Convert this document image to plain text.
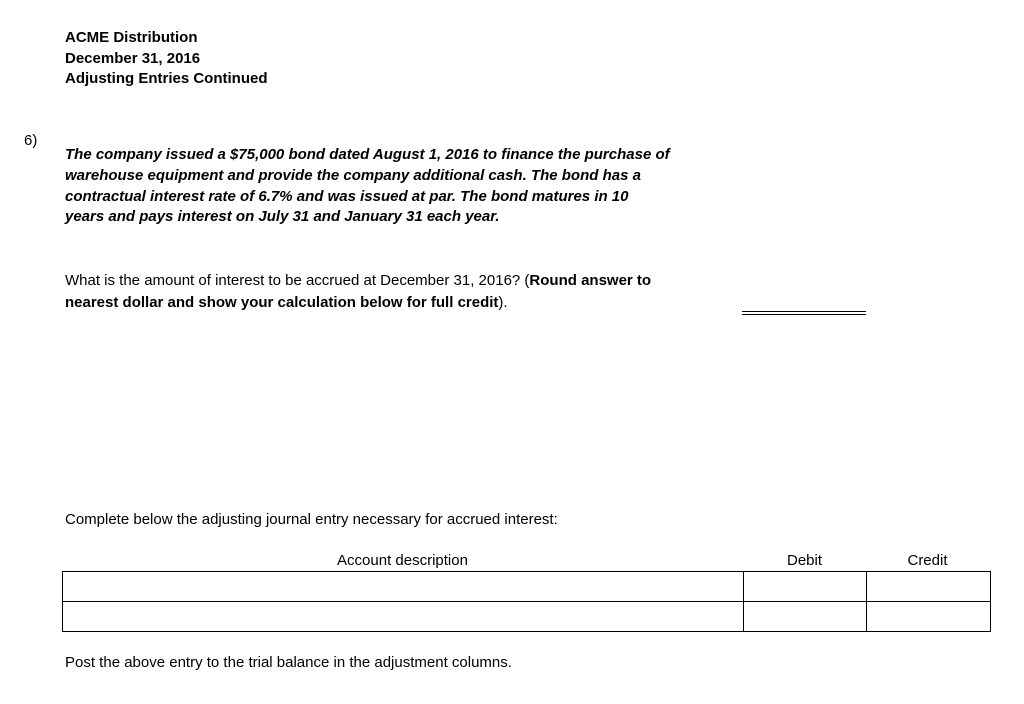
ACME Distribution
December 31, 2016
Adjusting Entries Continued
6)
The company issued a $75,000 bond dated August 1, 2016 to finance the purchase of
warehouse equipment and provide the company additional cash. The bond has a
contractual interest rate of 6.7% and was issued at par. The bond matures in 10
years and pays interest on July 31 and January 31 each year.
What is the amount of interest to be accrued at December 31, 2016? (Round answer to
nearest dollar and show your calculation below for full credit).
Complete below the adjusting journal entry necessary for accrued interest:
Account description	Debit	Credit

Post the above entry to the trial balance in the adjustment columns.
